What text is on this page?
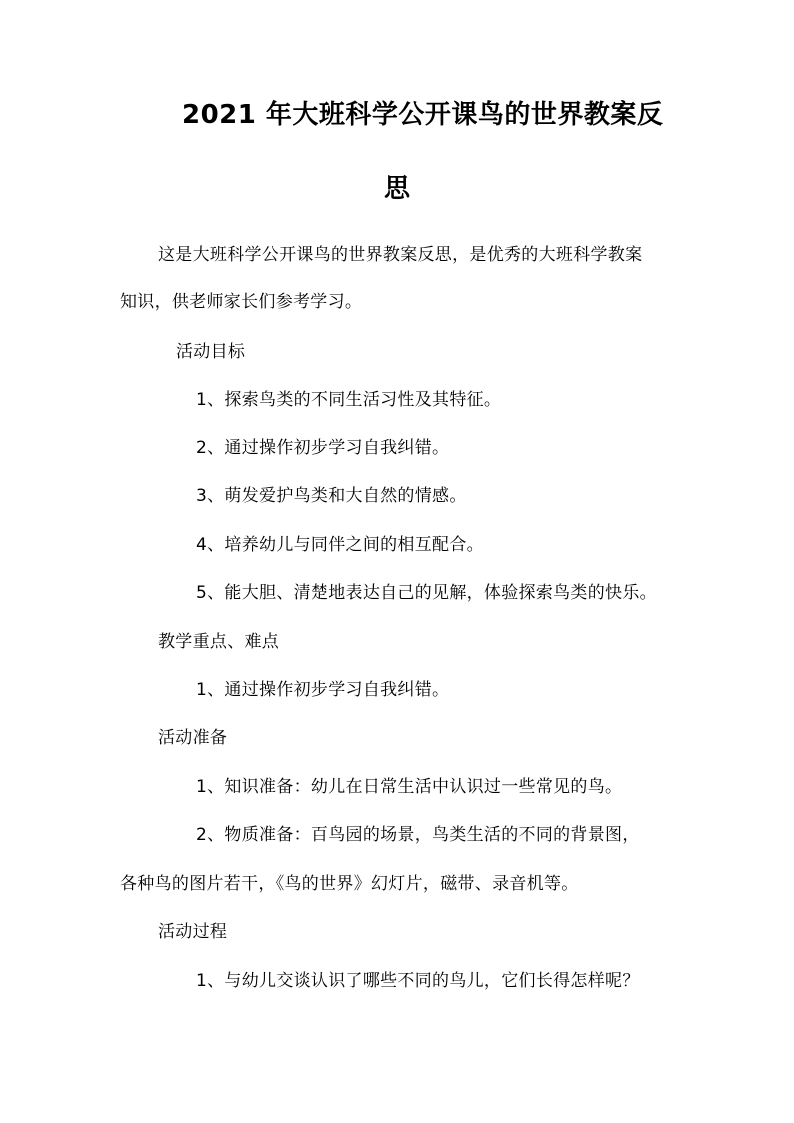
2021 年大班科学公开课鸟的世界教案反
思
这是大班科学公开课鸟的世界教案反思，是优秀的大班科学教案
知识，供老师家长们参考学习。
活动目标
1、探索鸟类的不同生活习性及其特征。
2、通过操作初步学习自我纠错。
3、萌发爱护鸟类和大自然的情感。
4、培养幼儿与同伴之间的相互配合。
5、能大胆、清楚地表达自己的见解，体验探索鸟类的快乐。
教学重点、难点
1、通过操作初步学习自我纠错。
活动准备
1、知识准备：幼儿在日常生活中认识过一些常见的鸟。
2、物质准备：百鸟园的场景，鸟类生活的不同的背景图，
各种鸟的图片若干，《鸟的世界》幻灯片，磁带、录音机等。
活动过程
1、与幼儿交谈认识了哪些不同的鸟儿，它们长得怎样呢？
